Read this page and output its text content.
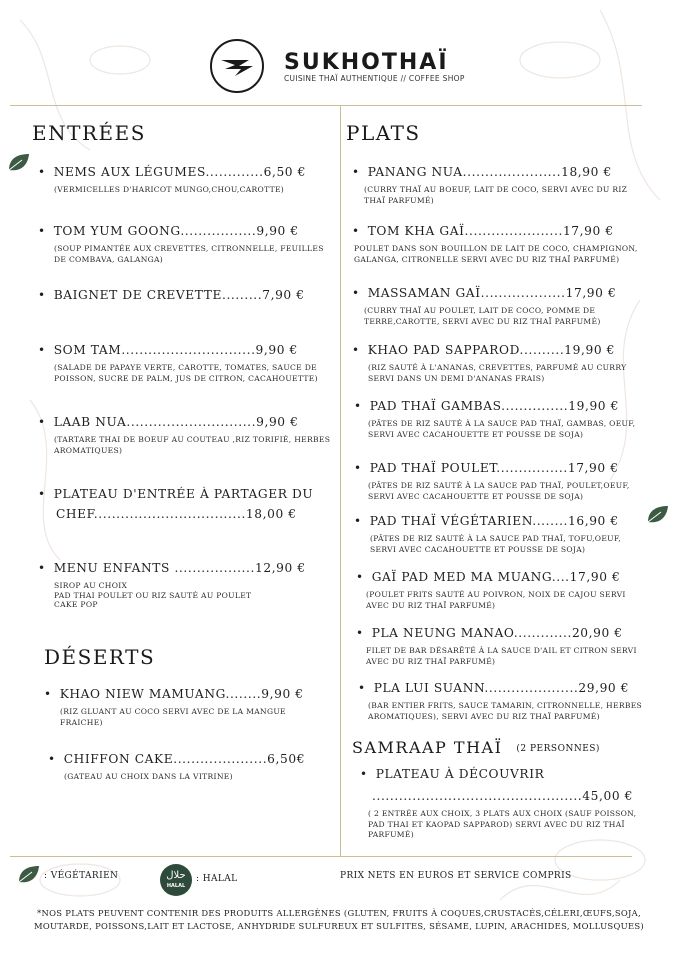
SUKHOTHAÏ
CUISINE THAÏ AUTHENTIQUE // COFFEE SHOP
ENTRÉES	PLATS
DÉSERTS
SAMRAAP THAÏ (2 PERSONNES)
• NEMS AUX LÉGUMES.............6,50 €
(VERMICELLES D'HARICOT MUNGO,CHOU,CAROTTE)
• TOM YUM GOONG.................9,90 €
(SOUP PIMANTÉE AUX CREVETTES, CITRONNELLE, FEUILLES
DE COMBAVA, GALANGA)
• BAIGNET DE CREVETTE.........7,90 €
• SOM TAM..............................9,90 €
(SALADE DE PAPAYE VERTE, CAROTTE, TOMATES, SAUCE DE
POISSON, SUCRE DE PALM, JUS DE CITRON, CACAHOUETTE)
• LAAB NUA.............................9,90 €
(TARTARE THAI DE BOEUF AU COUTEAU ,RIZ TORIFIÉ, HERBES
AROMATIQUES)
• PLATEAU D'ENTRÉE À PARTAGER DU
CHEF..................................18,00 €
• MENU ENFANTS ..................12,90 €
SIROP AU CHOIX
PAD THAI POULET OU RIZ SAUTÉ AU POULET
CAKE POP
• KHAO NIEW MAMUANG........9,90 €
(RIZ GLUANT AU COCO SERVI AVEC DE LA MANGUE
FRAICHE)
• CHIFFON CAKE.....................6,50€
(GATEAU AU CHOIX DANS LA VITRINE)
• PANANG NUA......................18,90 €
(CURRY THAÏ AU BOEUF, LAIT DE COCO, SERVI AVEC DU RIZ
THAÏ PARFUMÉ)
• TOM KHA GAÏ......................17,90 €
POULET DANS SON BOUILLON DE LAIT DE COCO, CHAMPIGNON,
GALANGA, CITRONELLE SERVI AVEC DU RIZ THAÏ PARFUMÉ)
• MASSAMAN GAÏ...................17,90 €
(CURRY THAÏ AU POULET, LAIT DE COCO, POMME DE
TERRE,CAROTTE, SERVI AVEC DU RIZ THAÏ PARFUMÉ)
• KHAO PAD SAPPAROD..........19,90 €
(RIZ SAUTÉ À L'ANANAS, CREVETTES, PARFUMÉ AU CURRY
SERVI DANS UN DEMI D'ANANAS FRAIS)
• PAD THAÏ GAMBAS...............19,90 €
(PÂTES DE RIZ SAUTÉ À LA SAUCE PAD THAÏ, GAMBAS, OEUF,
SERVI AVEC CACAHOUETTE ET POUSSE DE SOJA)
• PAD THAÏ POULET................17,90 €
(PÂTES DE RIZ SAUTÉ À LA SAUCE PAD THAÏ, POULET,OEUF,
SERVI AVEC CACAHOUETTE ET POUSSE DE SOJA)
• PAD THAÏ VÉGÉTARIEN........16,90 €
(PÂTES DE RIZ SAUTÉ À LA SAUCE PAD THAÏ, TOFU,OEUF,
SERVI AVEC CACAHOUETTE ET POUSSE DE SOJA)
• GAÏ PAD MED MA MUANG....17,90 €
(POULET FRITS SAUTÉ AU POIVRON, NOIX DE CAJOU SERVI
AVEC DU RIZ THAÏ PARFUMÉ)
• PLA NEUNG MANAO.............20,90 €
FILET DE BAR DÉSARÊTÉ À LA SAUCE D'AIL ET CITRON SERVI
AVEC DU RIZ THAÏ PARFUMÉ)
• PLA LUI SUANN.....................29,90 €
(BAR ENTIER FRITS, SAUCE TAMARIN, CITRONNELLE, HERBES
AROMATIQUES), SERVI AVEC DU RIZ THAÏ PARFUMÉ)
• PLATEAU À DÉCOUVRIR
...............................................45,00 €
( 2 ENTRÉE AUX CHOIX, 3 PLATS AUX CHOIX (SAUF POISSON,
PAD THAI ET KAOPAD SAPPAROD) SERVI AVEC DU RIZ THAÏ
PARFUMÉ)
: VÉGÉTARIEN	حلال
HALAL
: HALAL	PRIX NETS EN EUROS ET SERVICE COMPRIS
*NOS PLATS PEUVENT CONTENIR DES PRODUITS ALLERGÈNES (GLUTEN, FRUITS À COQUES,CRUSTACÉS,CÉLERI,ŒUFS,SOJA, MOUTARDE, POISSONS,LAIT ET LACTOSE, ANHYDRIDE SULFUREUX ET SULFITES, SÉSAME, LUPIN, ARACHIDES, MOLLUSQUES)
